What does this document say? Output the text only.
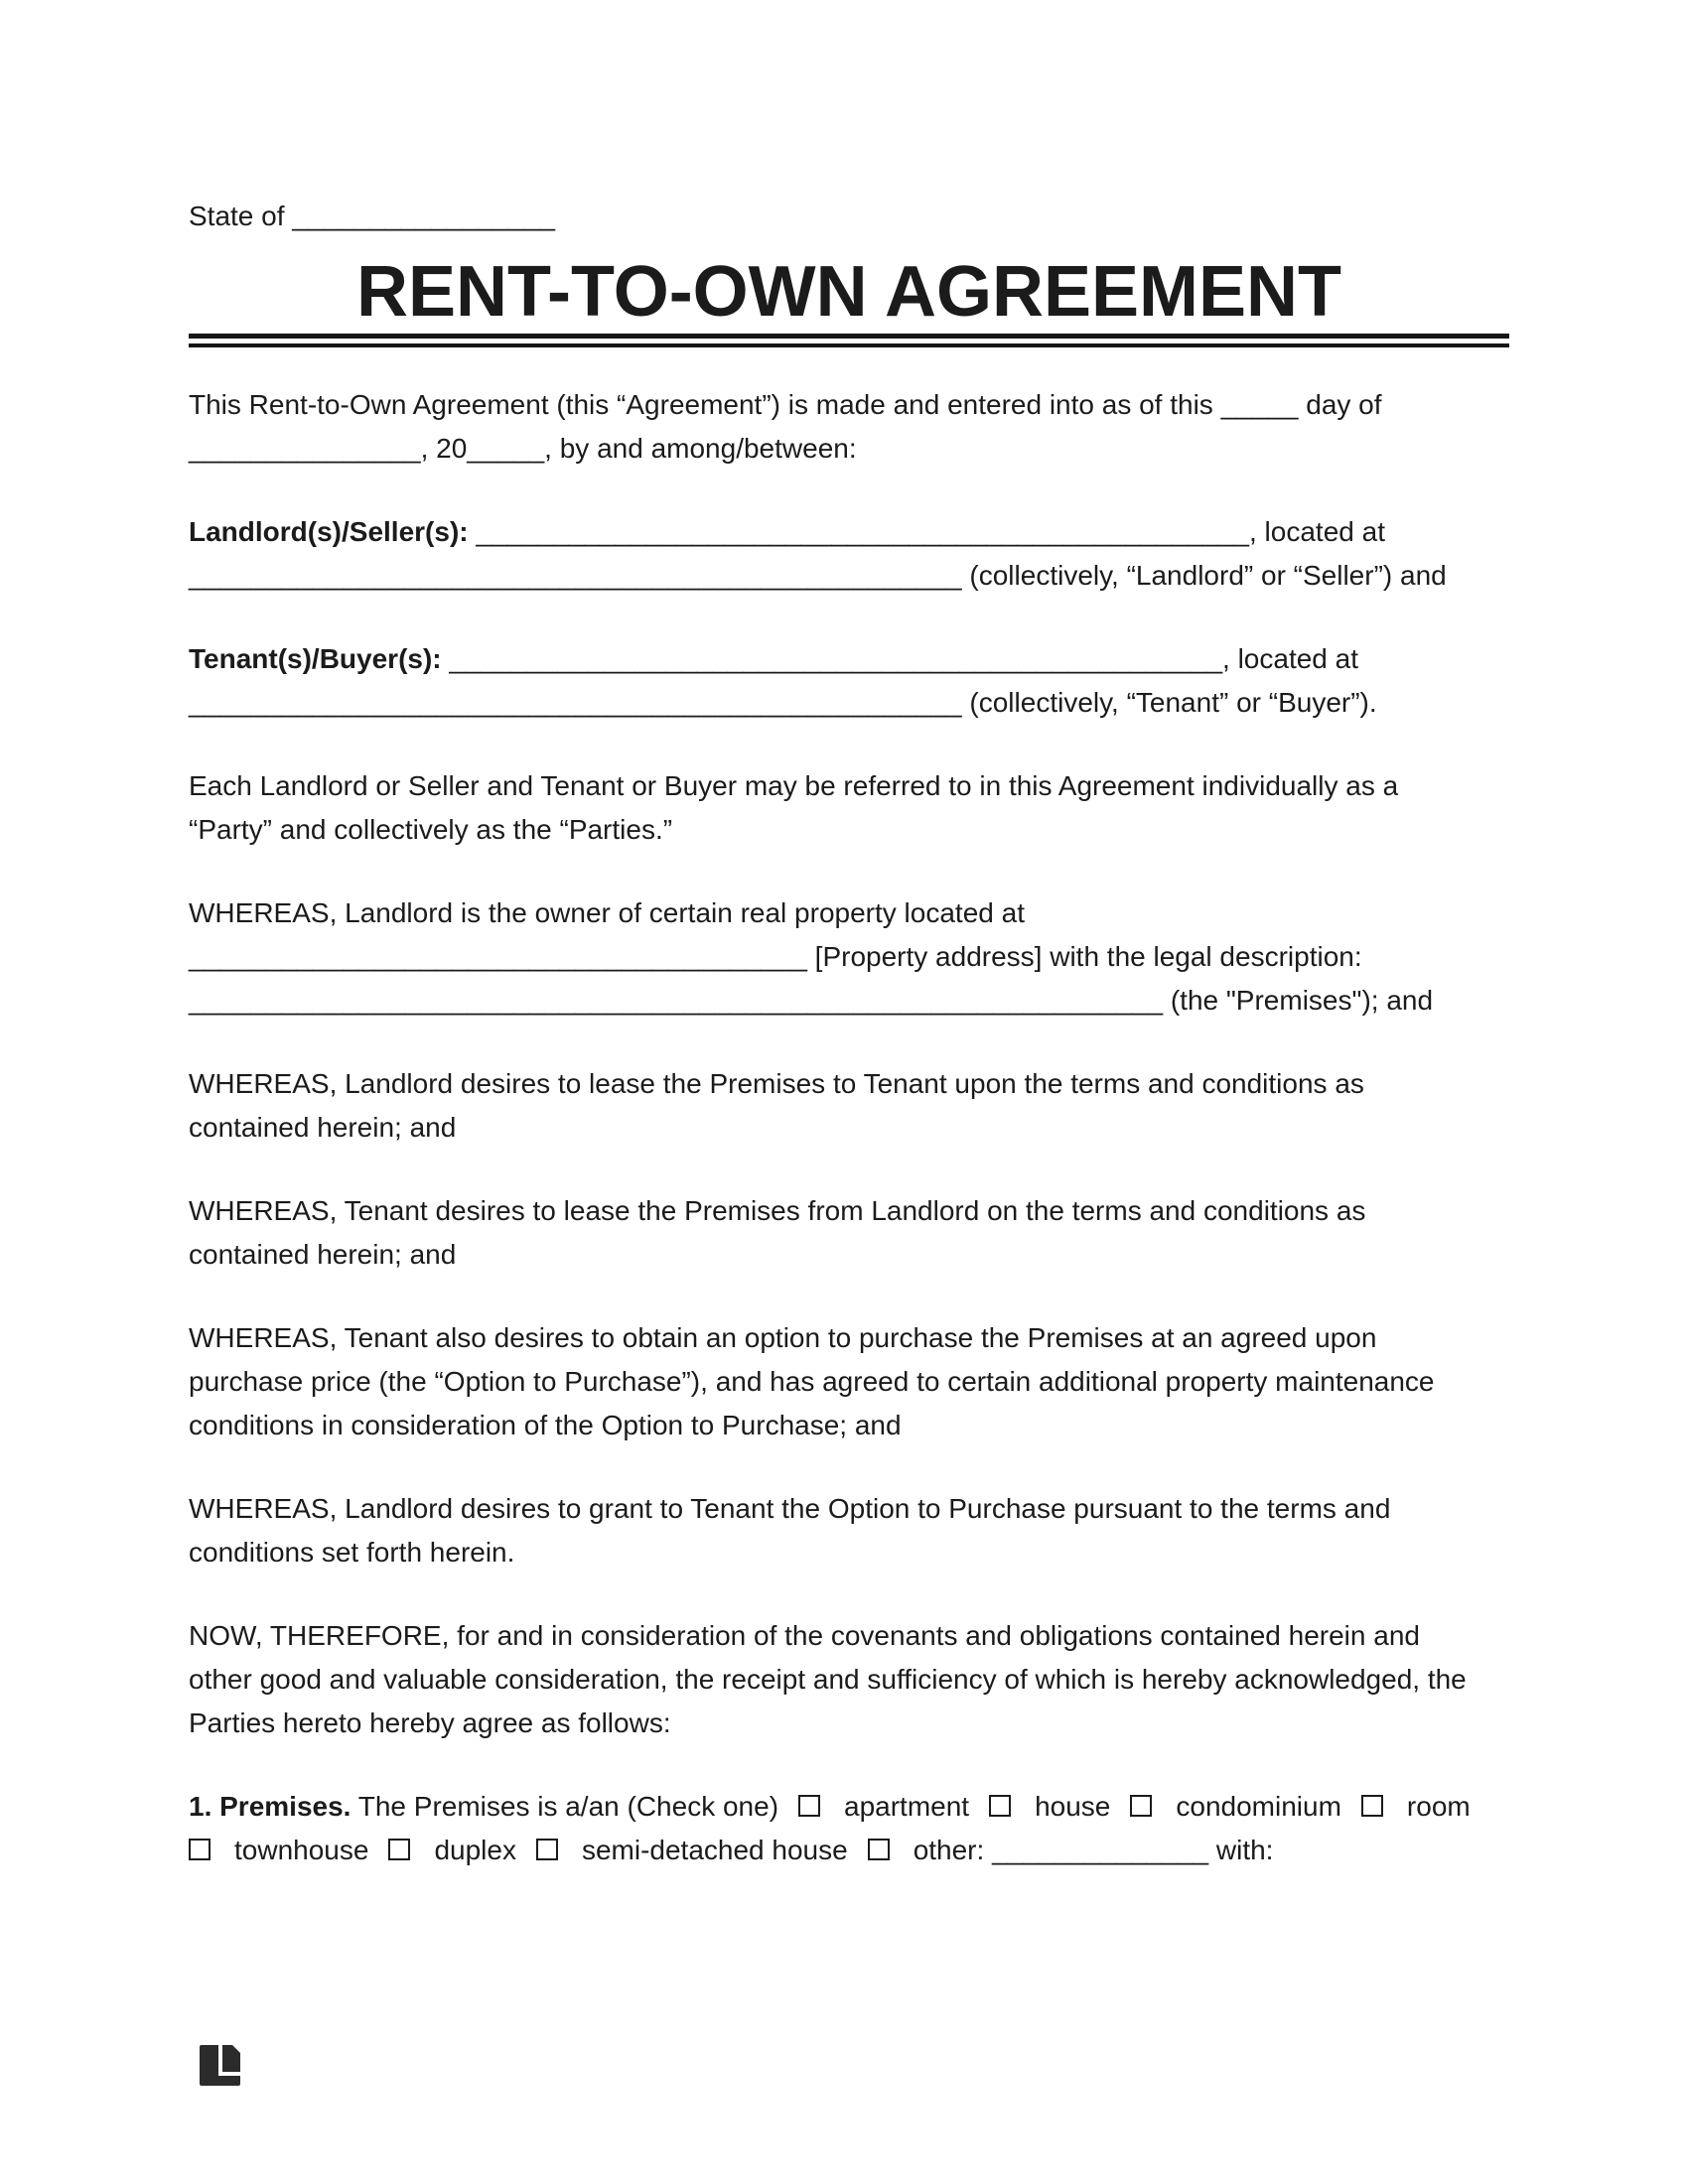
State of _________________
RENT-TO-OWN AGREEMENT
This Rent-to-Own Agreement (this “Agreement”) is made and entered into as of this _____ day of
_______________, 20_____, by and among/between:
Landlord(s)/Seller(s): __________________________________________________, located at
__________________________________________________ (collectively, “Landlord” or “Seller”) and
Tenant(s)/Buyer(s): __________________________________________________, located at
__________________________________________________ (collectively, “Tenant” or “Buyer”).
Each Landlord or Seller and Tenant or Buyer may be referred to in this Agreement individually as a
“Party” and collectively as the “Parties.”
WHEREAS, Landlord is the owner of certain real property located at
________________________________________ [Property address] with the legal description:
_______________________________________________________________ (the "Premises"); and
WHEREAS, Landlord desires to lease the Premises to Tenant upon the terms and conditions as
contained herein; and
WHEREAS, Tenant desires to lease the Premises from Landlord on the terms and conditions as
contained herein; and
WHEREAS, Tenant also desires to obtain an option to purchase the Premises at an agreed upon
purchase price (the “Option to Purchase”), and has agreed to certain additional property maintenance
conditions in consideration of the Option to Purchase; and
WHEREAS, Landlord desires to grant to Tenant the Option to Purchase pursuant to the terms and
conditions set forth herein.
NOW, THEREFORE, for and in consideration of the covenants and obligations contained herein and
other good and valuable consideration, the receipt and sufficiency of which is hereby acknowledged, the
Parties hereto hereby agree as follows:
1. Premises. The Premises is a/an (Check one) apartment house condominium room
townhouse duplex semi-detached house other: ______________ with:
